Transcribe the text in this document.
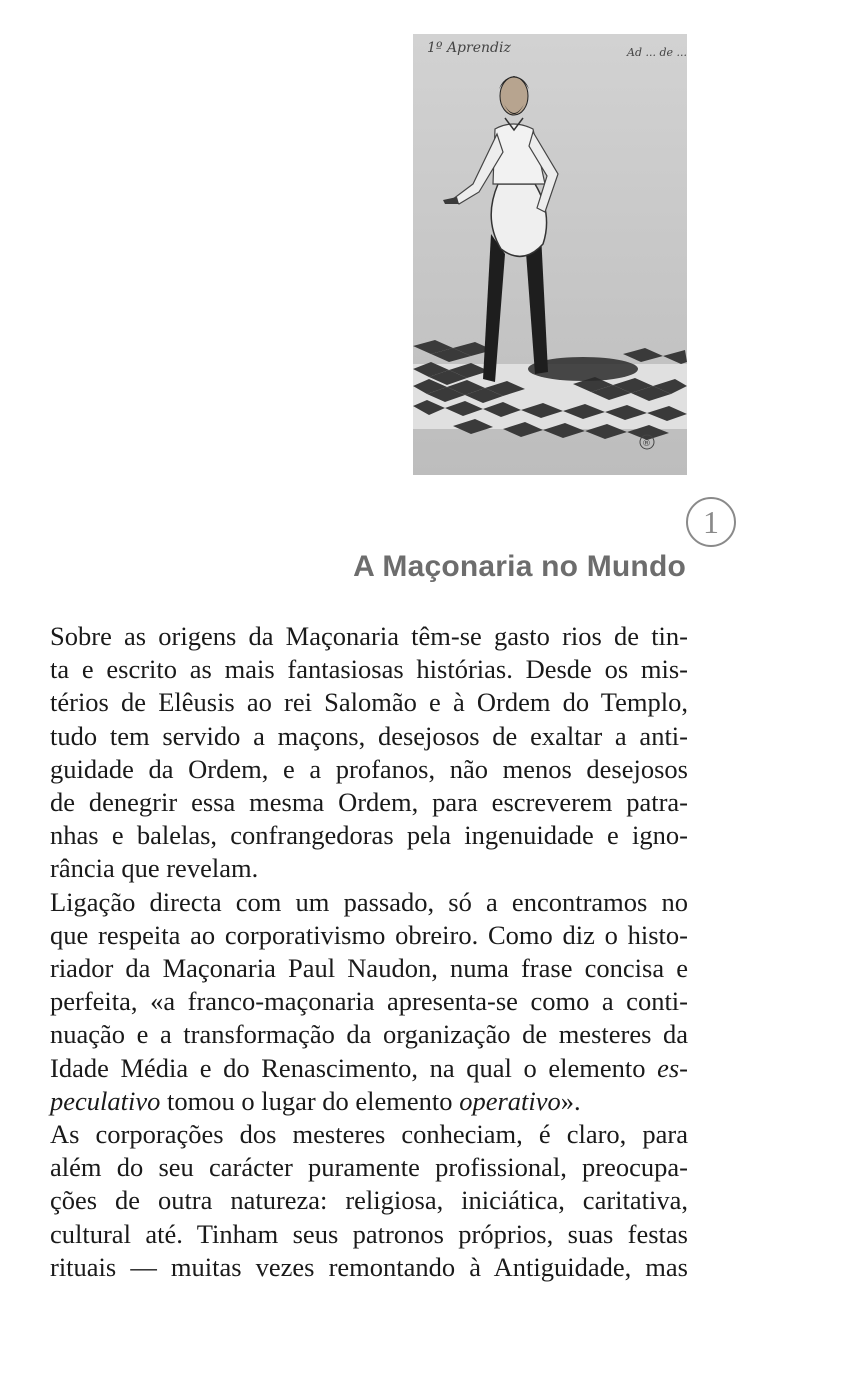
1º Aprendiz	Ad ... de ...
®
1
A Maçonaria no Mundo

Sobre as origens da Maçonaria têm-se gasto rios de tin-
ta e escrito as mais fantasiosas histórias. Desde os mis-
térios de Elêusis ao rei Salomão e à Ordem do Templo,
tudo tem servido a maçons, desejosos de exaltar a anti-
guidade da Ordem, e a profanos, não menos desejosos
de denegrir essa mesma Ordem, para escreverem patra-
nhas e balelas, confrangedoras pela ingenuidade e igno-
rância que revelam.

Ligação directa com um passado, só a encontramos no
que respeita ao corporativismo obreiro. Como diz o histo-
riador da Maçonaria Paul Naudon, numa frase concisa e
perfeita, «a franco-maçonaria apresenta-se como a conti-
nuação e a transformação da organização de mesteres da
Idade Média e do Renascimento, na qual o elemento es-
peculativo tomou o lugar do elemento operativo».

As corporações dos mesteres conheciam, é claro, para
além do seu carácter puramente profissional, preocupa-
ções de outra natureza: religiosa, iniciática, caritativa,
cultural até. Tinham seus patronos próprios, suas festas
rituais — muitas vezes remontando à Antiguidade, mas
